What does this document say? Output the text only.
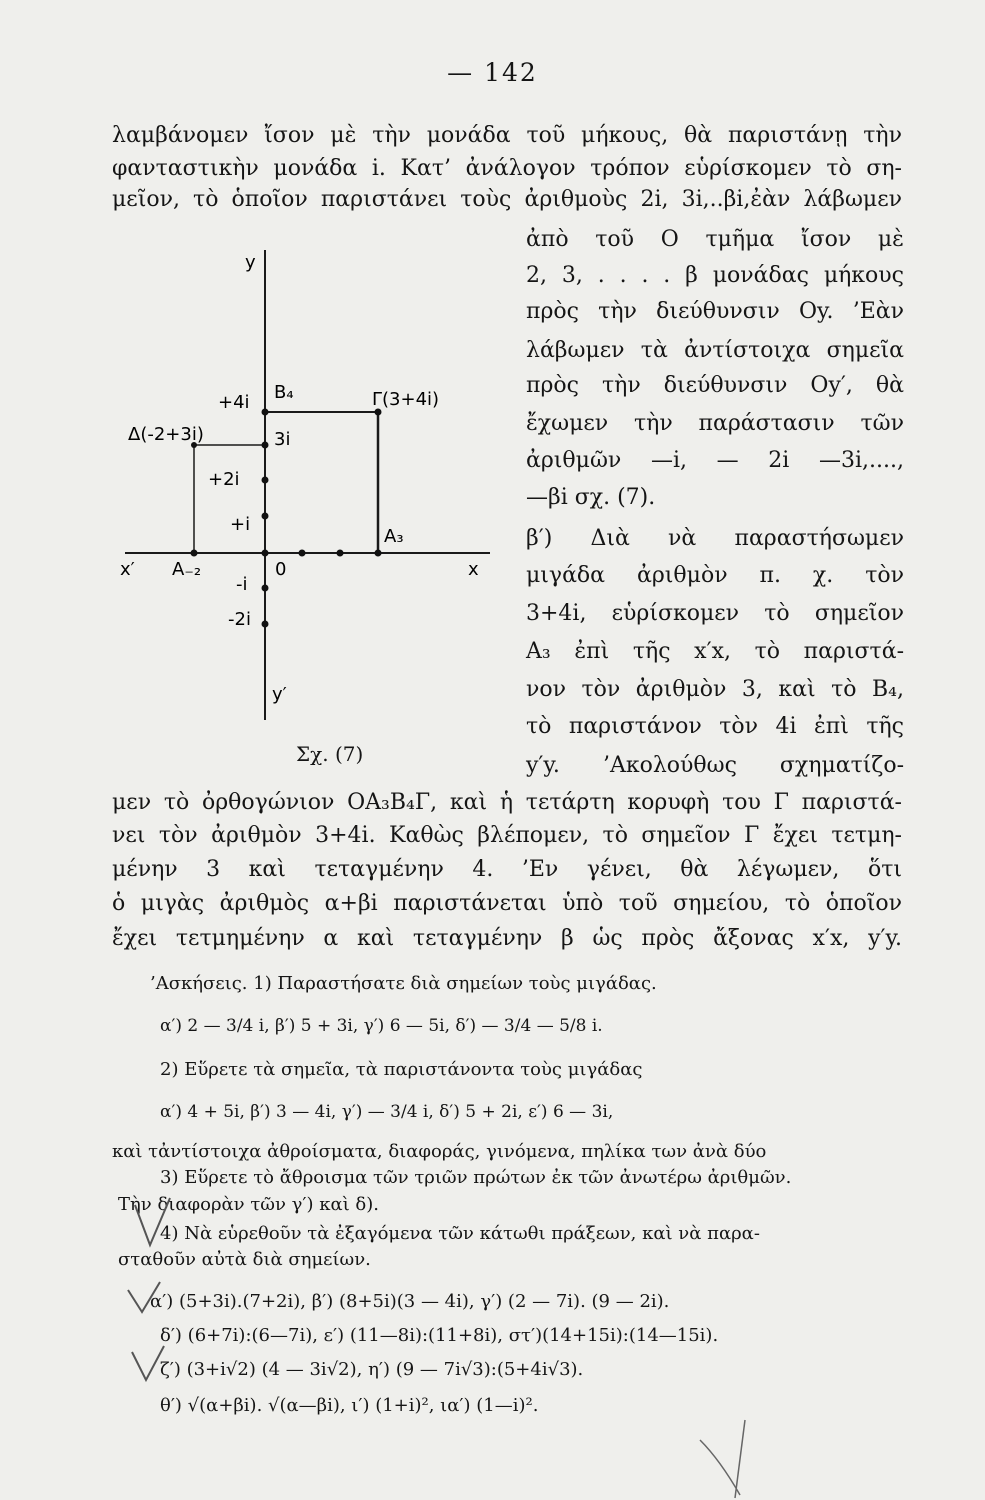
— 142
λαμβάνομεν ἴσον μὲ τὴν μονάδα τοῦ μήκους, θὰ παριστάνῃ τὴν
φανταστικὴν μονάδα i. Κατ’ ἀνάλογον τρόπον εὑρίσκομεν τὸ ση-
μεῖον, τὸ ὁποῖον παριστάνει τοὺς ἀριθμοὺς 2i, 3i,..βi,ἐὰν λάβωμεν
ἀπὸ τοῦ O τμῆμα ἴσον μὲ
2, 3, . . . . β μονάδας μήκους
πρὸς τὴν διεύθυνσιν Oy. ’Εὰν
λάβωμεν τὰ ἀντίστοιχα σημεῖα
πρὸς τὴν διεύθυνσιν Oy′, θὰ
ἔχωμεν τὴν παράστασιν τῶν
ἀριθμῶν —i, — 2i —3i,....,
—βi σχ. (7).
β′) Διὰ νὰ παραστήσωμεν
μιγάδα ἀριθμὸν π. χ. τὸν
3+4i, εὑρίσκομεν τὸ σημεῖον
A₃ ἐπὶ τῆς x′x, τὸ παριστά-
νον τὸν ἀριθμὸν 3, καὶ τὸ B₄,
τὸ παριστάνον τὸν 4i ἐπὶ τῆς
y′y. ’Ακολούθως σχηματίζο-
y
y′
x′	x
0
+4i B₄	Γ(3+4i)
Δ(-2+3i)	3i
+2i
+i
A₃
A₋₂
-i
-2i
Σχ. (7)
μεν τὸ ὀρθογώνιον OA₃B₄Γ, καὶ ἡ τετάρτη κορυφὴ του Γ παριστά-
νει τὸν ἀριθμὸν 3+4i. Καθὼς βλέπομεν, τὸ σημεῖον Γ ἔχει τετμη-
μένην 3 καὶ τεταγμένην 4. ’Εν γένει, θὰ λέγωμεν, ὅτι
ὁ μιγὰς ἀριθμὸς α+βi παριστάνεται ὑπὸ τοῦ σημείου, τὸ ὁποῖον
ἔχει τετμημένην α καὶ τεταγμένην β ὡς πρὸς ἄξονας x′x, y′y.
’Ασκήσεις. 1) Παραστήσατε διὰ σημείων τοὺς μιγάδας.
α′) 2 — 3/4 i, β′) 5 + 3i, γ′) 6 — 5i, δ′) — 3/4 — 5/8 i.
2) Εὕρετε τὰ σημεῖα, τὰ παριστάνοντα τοὺς μιγάδας
α′) 4 + 5i, β′) 3 — 4i, γ′) — 3/4 i, δ′) 5 + 2i, ε′) 6 — 3i,
καὶ τἀντίστοιχα ἀθροίσματα, διαφοράς, γινόμενα, πηλίκα των ἀνὰ δύο
3) Εὕρετε τὸ ἄθροισμα τῶν τριῶν πρώτων ἐκ τῶν ἀνωτέρω ἀριθμῶν.
Τὴν διαφορὰν τῶν γ′) καὶ δ).
4) Νὰ εὑρεθοῦν τὰ ἐξαγόμενα τῶν κάτωθι πράξεων, καὶ νὰ παρα-
σταθοῦν αὐτὰ διὰ σημείων.
α′) (5+3i).(7+2i), β′) (8+5i)(3 — 4i), γ′) (2 — 7i). (9 — 2i).
δ′) (6+7i):(6—7i), ε′) (11—8i):(11+8i), στ′)(14+15i):(14—15i).
ζ′) (3+i√2) (4 — 3i√2), η′) (9 — 7i√3):(5+4i√3).
θ′) √(α+βi). √(α—βi), ι′) (1+i)², ια′) (1—i)².
